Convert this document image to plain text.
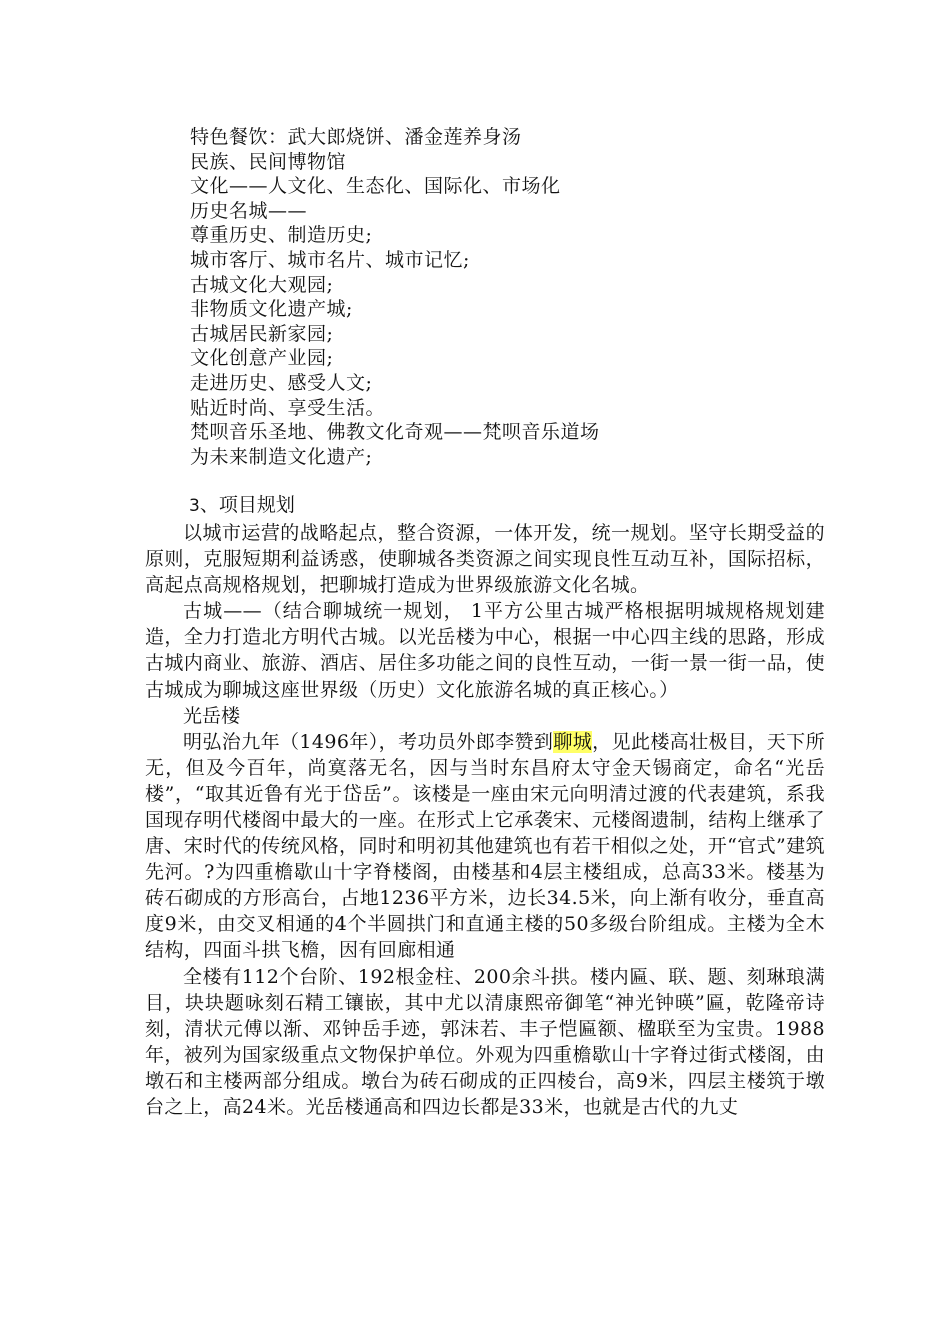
特色餐饮：武大郎烧饼、潘金莲养身汤
民族、民间博物馆
文化——人文化、生态化、国际化、市场化
历史名城——
尊重历史、制造历史;
城市客厅、城市名片、城市记忆;
古城文化大观园;
非物质文化遗产城;
古城居民新家园;
文化创意产业园;
走进历史、感受人文;
贴近时尚、享受生活。
梵呗音乐圣地、佛教文化奇观——梵呗音乐道场
为未来制造文化遗产;
3、项目规划

以城市运营的战略起点，整合资源，一体开发，统一规划。坚守长期受益的原则，克服短期利益诱惑，使聊城各类资源之间实现良性互动互补，国际招标，高起点高规格规划，把聊城打造成为世界级旅游文化名城。

古城——（结合聊城统一规划， 1平方公里古城严格根据明城规格规划建造，全力打造北方明代古城。以光岳楼为中心，根据一中心四主线的思路，形成古城内商业、旅游、酒店、居住多功能之间的良性互动，一街一景一街一品，使古城成为聊城这座世界级（历史）文化旅游名城的真正核心。）

光岳楼

明弘治九年（1496年），考功员外郎李赞到聊城，见此楼高壮极目，天下所无，但及今百年，尚寞落无名，因与当时东昌府太守金天锡商定，命名“光岳楼”，“取其近鲁有光于岱岳”。该楼是一座由宋元向明清过渡的代表建筑，系我国现存明代楼阁中最大的一座。在形式上它承袭宋、元楼阁遗制，结构上继承了唐、宋时代的传统风格，同时和明初其他建筑也有若干相似之处，开“官式”建筑先河。?为四重檐歇山十字脊楼阁，由楼基和4层主楼组成，总高33米。楼基为砖石砌成的方形高台，占地1236平方米，边长34.5米，向上渐有收分，垂直高度9米，由交叉相通的4个半圆拱门和直通主楼的50多级台阶组成。主楼为全木结构，四面斗拱飞檐，因有回廊相通

全楼有112个台阶、192根金柱、200余斗拱。楼内匾、联、题、刻琳琅满目，块块题咏刻石精工镶嵌，其中尤以清康熙帝御笔“神光钟暎”匾，乾隆帝诗刻，清状元傅以渐、邓钟岳手迹，郭沫若、丰子恺匾额、楹联至为宝贵。1988年，被列为国家级重点文物保护单位。外观为四重檐歇山十字脊过街式楼阁，由墩石和主楼两部分组成。墩台为砖石砌成的正四棱台，高9米，四层主楼筑于墩台之上，高24米。光岳楼通高和四边长都是33米，也就是古代的九丈
